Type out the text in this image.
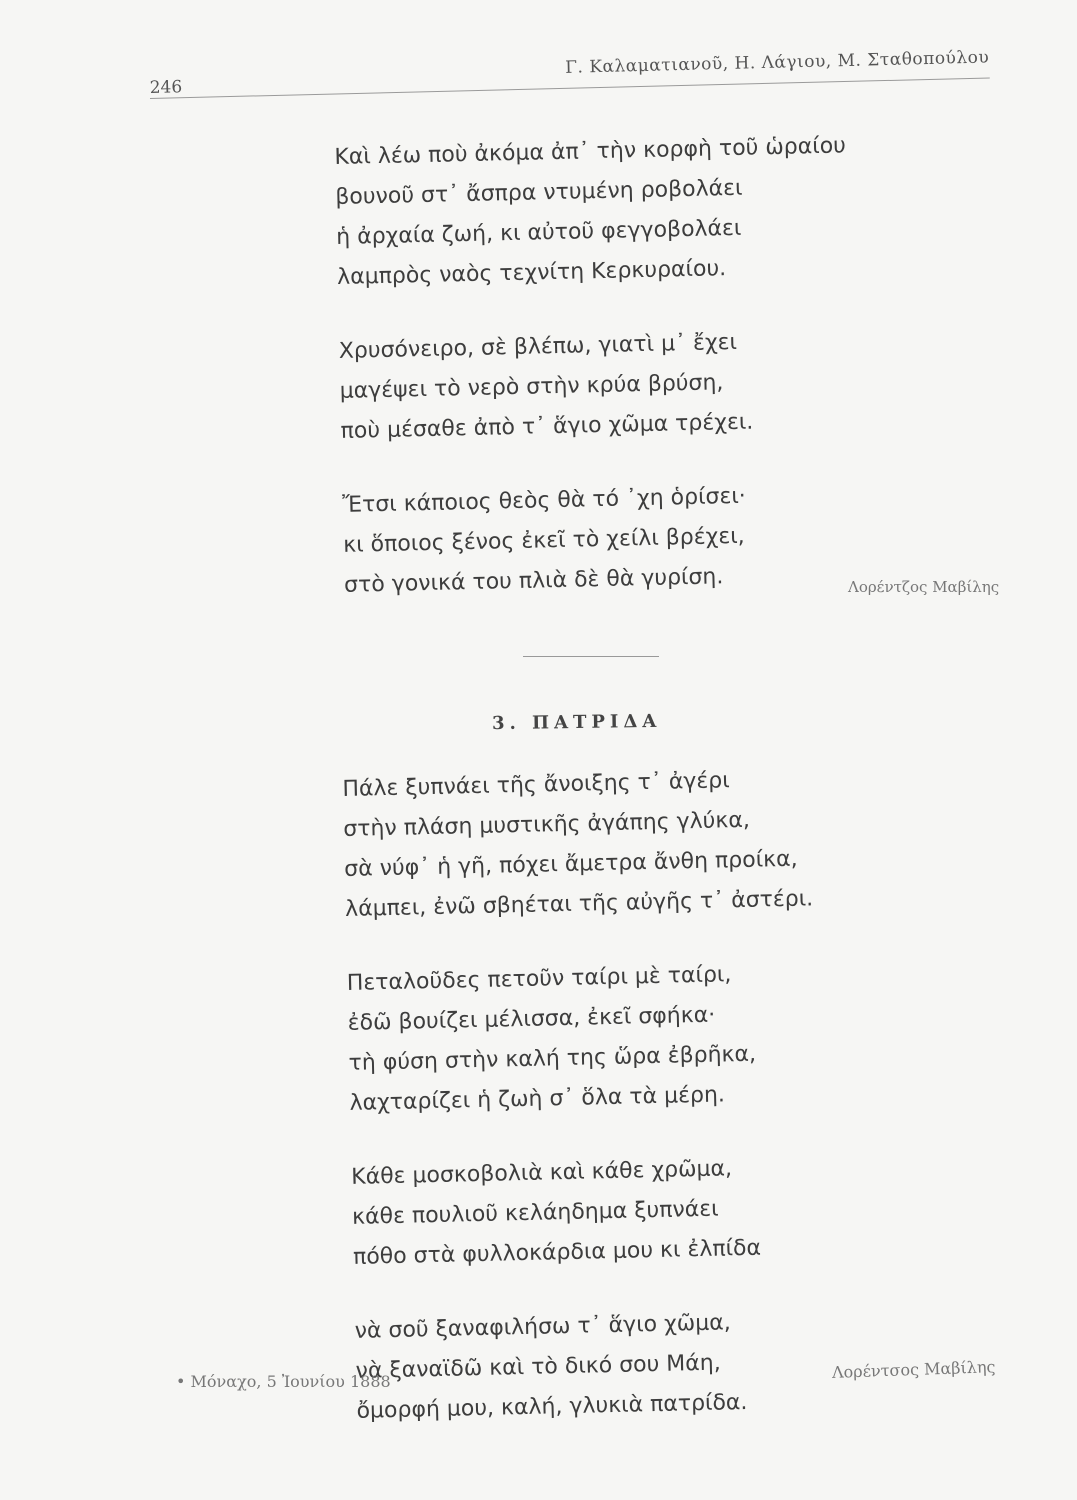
246
Γ. Καλαματιανοῦ, Η. Λάγιου, Μ. Σταθοπούλου
Καὶ λέω ποὺ ἀκόμα ἀπ᾽ τὴν κορφὴ τοῦ ὡραίου
βουνοῦ στ᾽ ἄσπρα ντυμένη ροβολάει
ἡ ἀρχαία ζωή, κι αὐτοῦ φεγγοβολάει
λαμπρὸς ναὸς τεχνίτη Κερκυραίου.
Χρυσόνειρο, σὲ βλέπω, γιατὶ μ᾽ ἔχει
μαγέψει τὸ νερὸ στὴν κρύα βρύση,
ποὺ μέσαθε ἀπὸ τ᾽ ἅγιο χῶμα τρέχει.
Ἔτσι κάποιος θεὸς θὰ τό ᾽χη ὁρίσει·
κι ὅποιος ξένος ἐκεῖ τὸ χείλι βρέχει,
στὸ γονικά του πλιὰ δὲ θὰ γυρίση.	Λορέντζος Μαβίλης
3. ΠΑΤΡΙΔΑ
Πάλε ξυπνάει τῆς ἄνοιξης τ᾽ ἀγέρι
στὴν πλάση μυστικῆς ἀγάπης γλύκα,
σὰ νύφ᾽ ἡ γῆ, πόχει ἄμετρα ἄνθη προίκα,
λάμπει, ἐνῶ σβηέται τῆς αὐγῆς τ᾽ ἀστέρι.
Πεταλοῦδες πετοῦν ταίρι μὲ ταίρι,
ἐδῶ βουίζει μέλισσα, ἐκεῖ σφήκα·
τὴ φύση στὴν καλή της ὥρα ἐβρῆκα,
λαχταρίζει ἡ ζωὴ σ᾽ ὅλα τὰ μέρη.
Κάθε μοσκοβολιὰ καὶ κάθε χρῶμα,
κάθε πουλιοῦ κελάηδημα ξυπνάει
πόθο στὰ φυλλοκάρδια μου κι ἐλπίδα
νὰ σοῦ ξαναφιλήσω τ᾽ ἅγιο χῶμα,
νὰ ξαναϊδῶ καὶ τὸ δικό σου Μάη,
ὄμορφή μου, καλή, γλυκιὰ πατρίδα.
• Μόναχο, 5 Ἰουνίου 1888	Λορέντσος Μαβίλης
